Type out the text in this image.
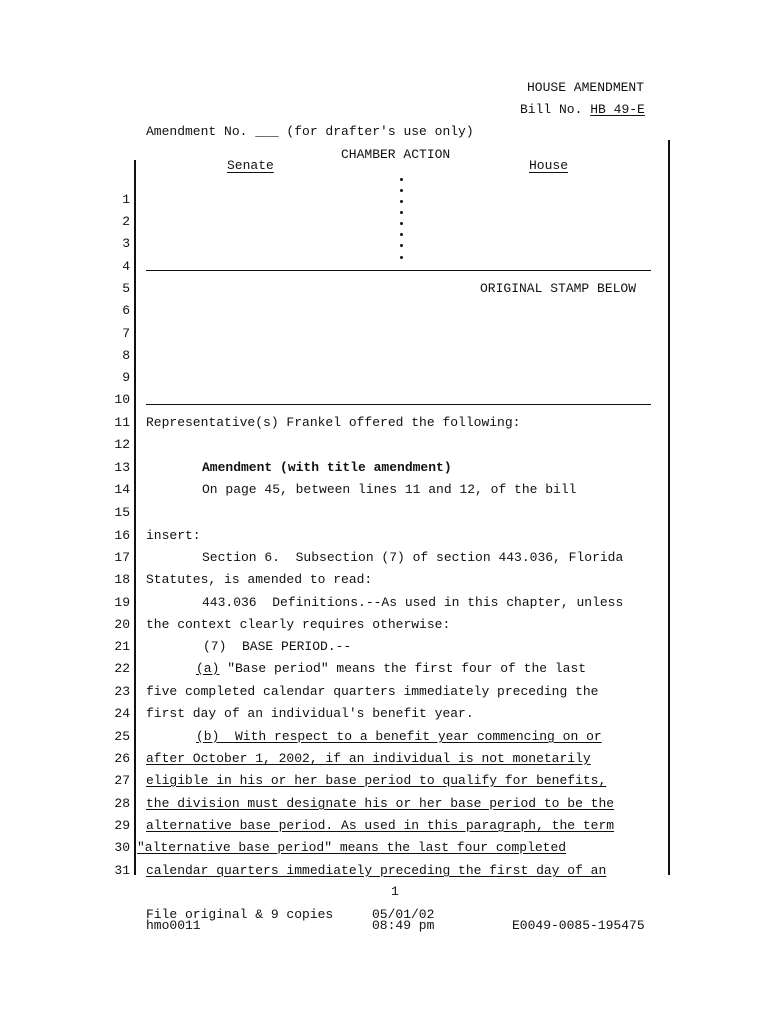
HOUSE AMENDMENT
Bill No. HB 49-E
Amendment No. ___ (for drafter's use only)
CHAMBER ACTION
Senate	House
ORIGINAL STAMP BELOW
1
2
3
4
5
6
7
8
9
10
11
12
13
14
15
16
17
18
19
20
21
22
23
24
25
26
27
28
29
30
31
Representative(s) Frankel offered the following:
Amendment (with title amendment)
On page 45, between lines 11 and 12, of the bill
insert:
Section 6.  Subsection (7) of section 443.036, Florida
Statutes, is amended to read:
443.036  Definitions.--As used in this chapter, unless
the context clearly requires otherwise:
(7)  BASE PERIOD.--
(a) "Base period" means the first four of the last
five completed calendar quarters immediately preceding the
first day of an individual's benefit year.
(b)  With respect to a benefit year commencing on or
after October 1, 2002, if an individual is not monetarily
eligible in his or her base period to qualify for benefits,
the division must designate his or her base period to be the
alternative base period. As used in this paragraph, the term
"alternative base period" means the last four completed
calendar quarters immediately preceding the first day of an
1
File original & 9 copies
hmo0011
05/01/02
08:49 pm	E0049-0085-195475
